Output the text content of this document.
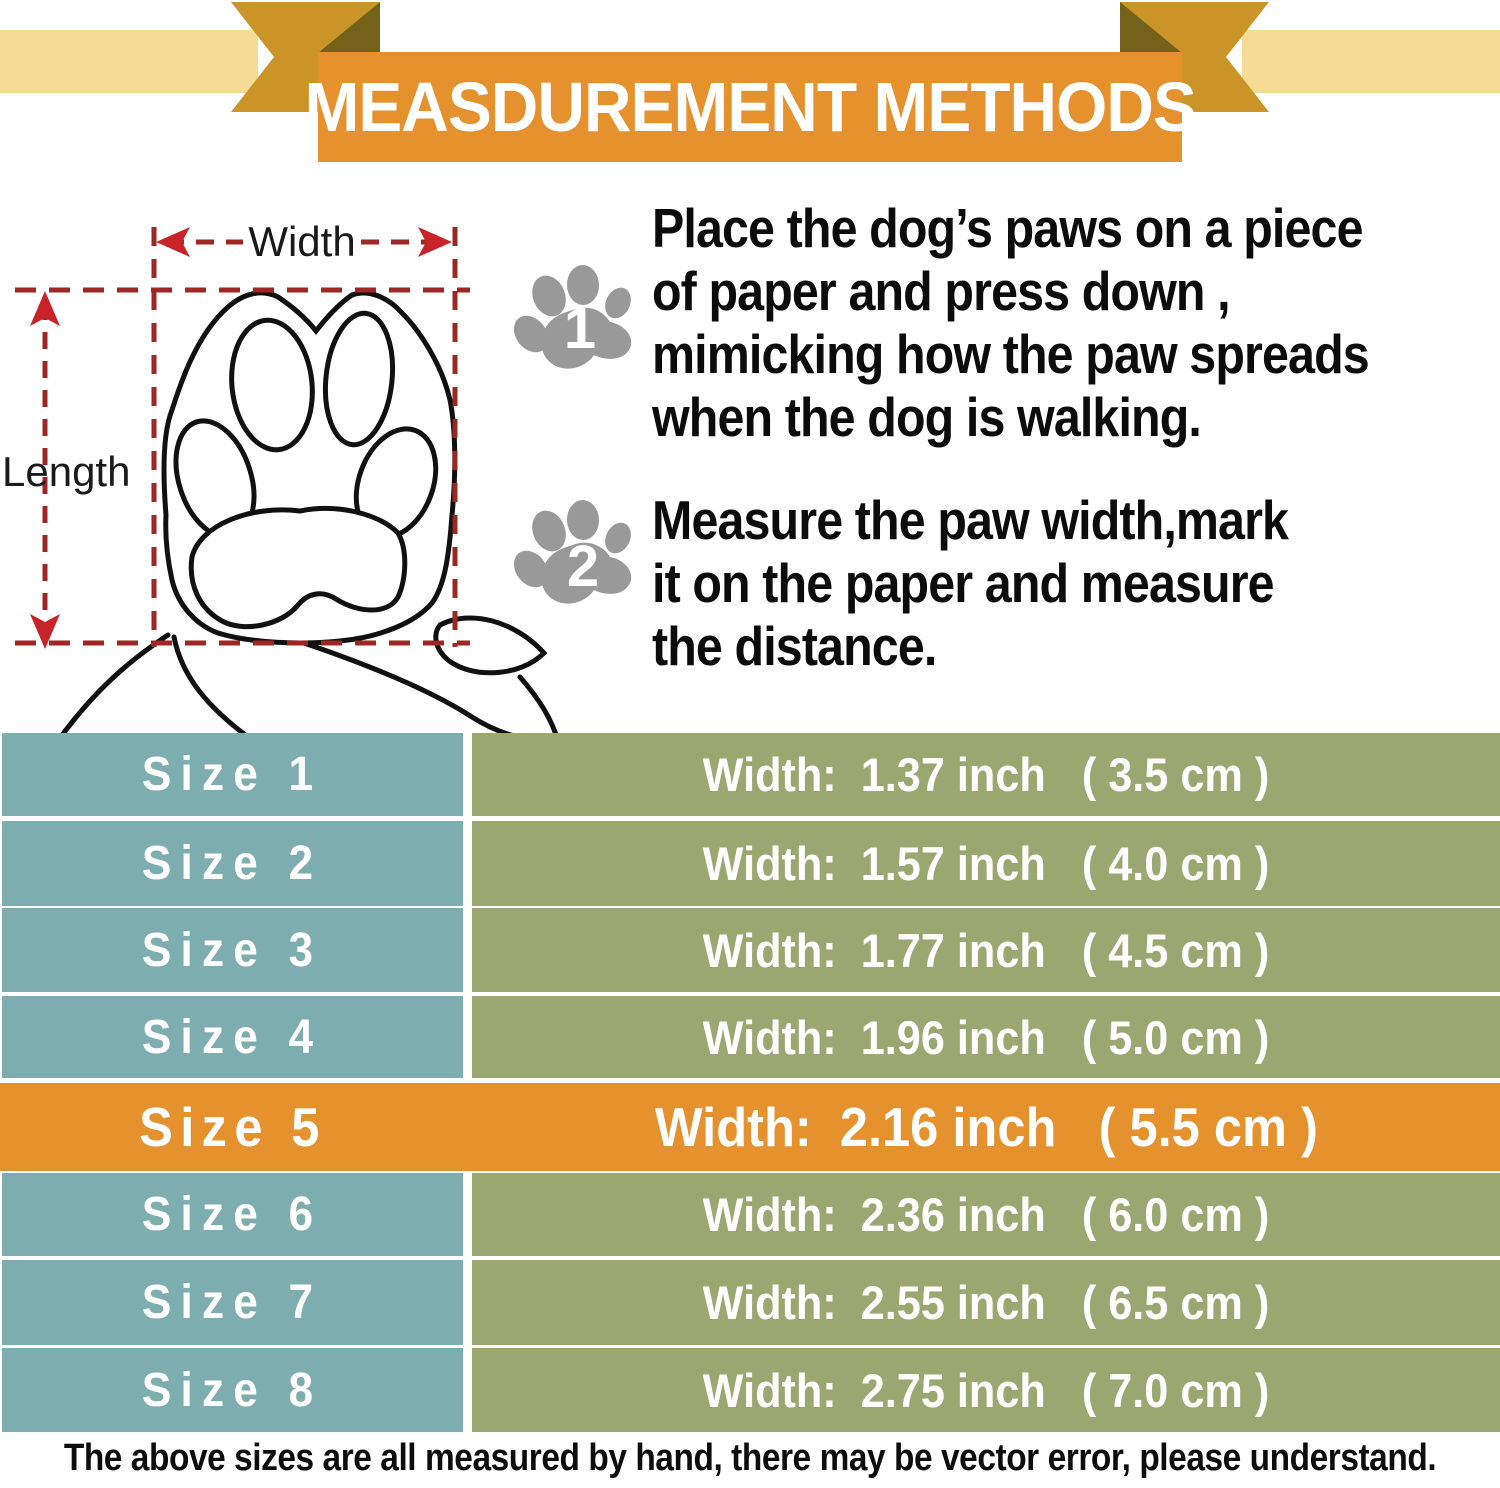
MEASDUREMENT METHODS
Width
Length
1
2
Place the dog’s paws on a piece
of paper and press down ,
mimicking how the paw spreads
when the dog is walking.
Measure the paw width,mark
it on the paper and measure
the distance.
Size 1	Width:  1.37 inch   ( 3.5 cm )
Size 2	Width:  1.57 inch   ( 4.0 cm )
Size 3	Width:  1.77 inch   ( 4.5 cm )
Size 4	Width:  1.96 inch   ( 5.0 cm )
Size 5	Width:  2.16 inch   ( 5.5 cm )
Size 6	Width:  2.36 inch   ( 6.0 cm )
Size 7	Width:  2.55 inch   ( 6.5 cm )
Size 8	Width:  2.75 inch   ( 7.0 cm )
The above sizes are all measured by hand, there may be vector error, please understand.
